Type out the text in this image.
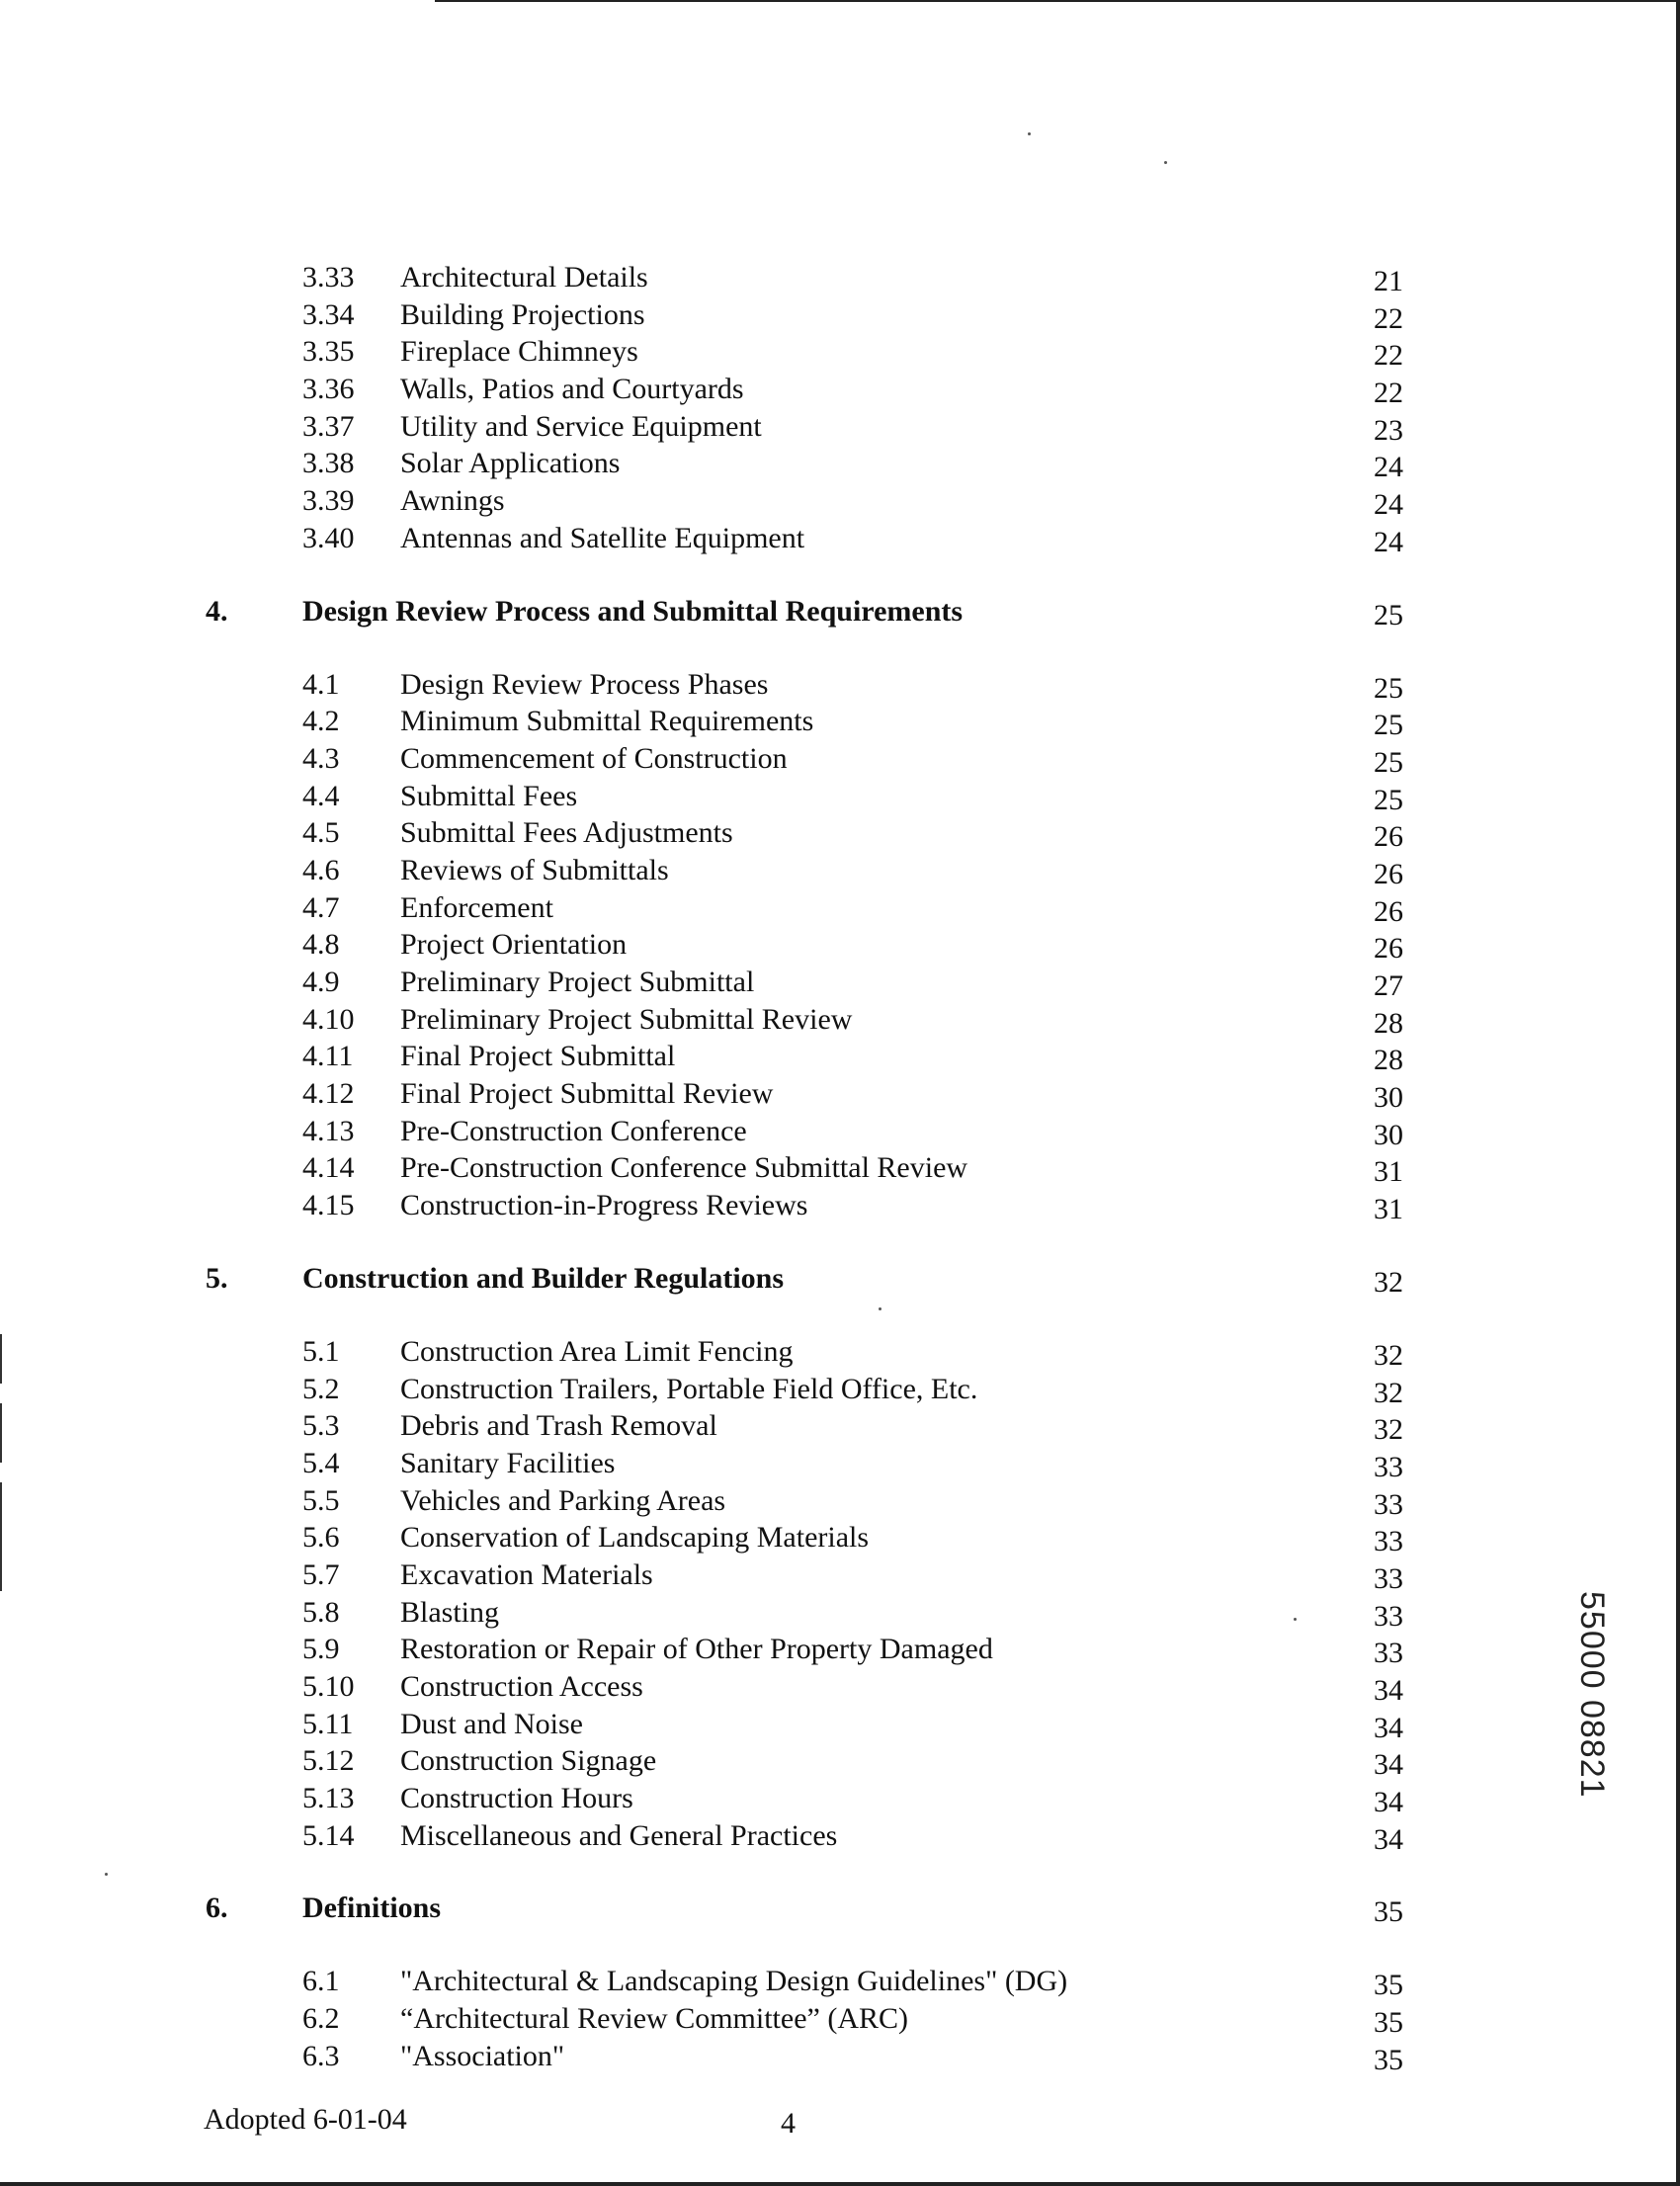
3.33 Architectural Details	21
3.34 Building Projections	22
3.35 Fireplace Chimneys	22
3.36 Walls, Patios and Courtyards	22
3.37 Utility and Service Equipment	23
3.38 Solar Applications	24
3.39 Awnings	24
3.40 Antennas and Satellite Equipment	24
4.	Design Review Process and Submittal Requirements	25
4.1 Design Review Process Phases	25
4.2 Minimum Submittal Requirements	25
4.3 Commencement of Construction	25
4.4 Submittal Fees	25
4.5 Submittal Fees Adjustments	26
4.6 Reviews of Submittals	26
4.7 Enforcement	26
4.8 Project Orientation	26
4.9 Preliminary Project Submittal	27
4.10 Preliminary Project Submittal Review	28
4.11 Final Project Submittal	28
4.12 Final Project Submittal Review	30
4.13 Pre-Construction Conference	30
4.14 Pre-Construction Conference Submittal Review	31
4.15 Construction-in-Progress Reviews	31
5.	Construction and Builder Regulations	32
5.1 Construction Area Limit Fencing	32
5.2 Construction Trailers, Portable Field Office, Etc.	32
5.3 Debris and Trash Removal	32
5.4 Sanitary Facilities	33
5.5 Vehicles and Parking Areas	33
5.6 Conservation of Landscaping Materials	33
5.7 Excavation Materials	33
5.8 Blasting	33
5.9 Restoration or Repair of Other Property Damaged	33
5.10 Construction Access	34
5.11 Dust and Noise	34
5.12 Construction Signage	34
5.13 Construction Hours	34
5.14 Miscellaneous and General Practices	34
6.	Definitions	35
6.1 "Architectural & Landscaping Design Guidelines" (DG)	35
6.2 “Architectural Review Committee” (ARC)	35
6.3 "Association"	35
Adopted 6-01-04	4
55000 08821
